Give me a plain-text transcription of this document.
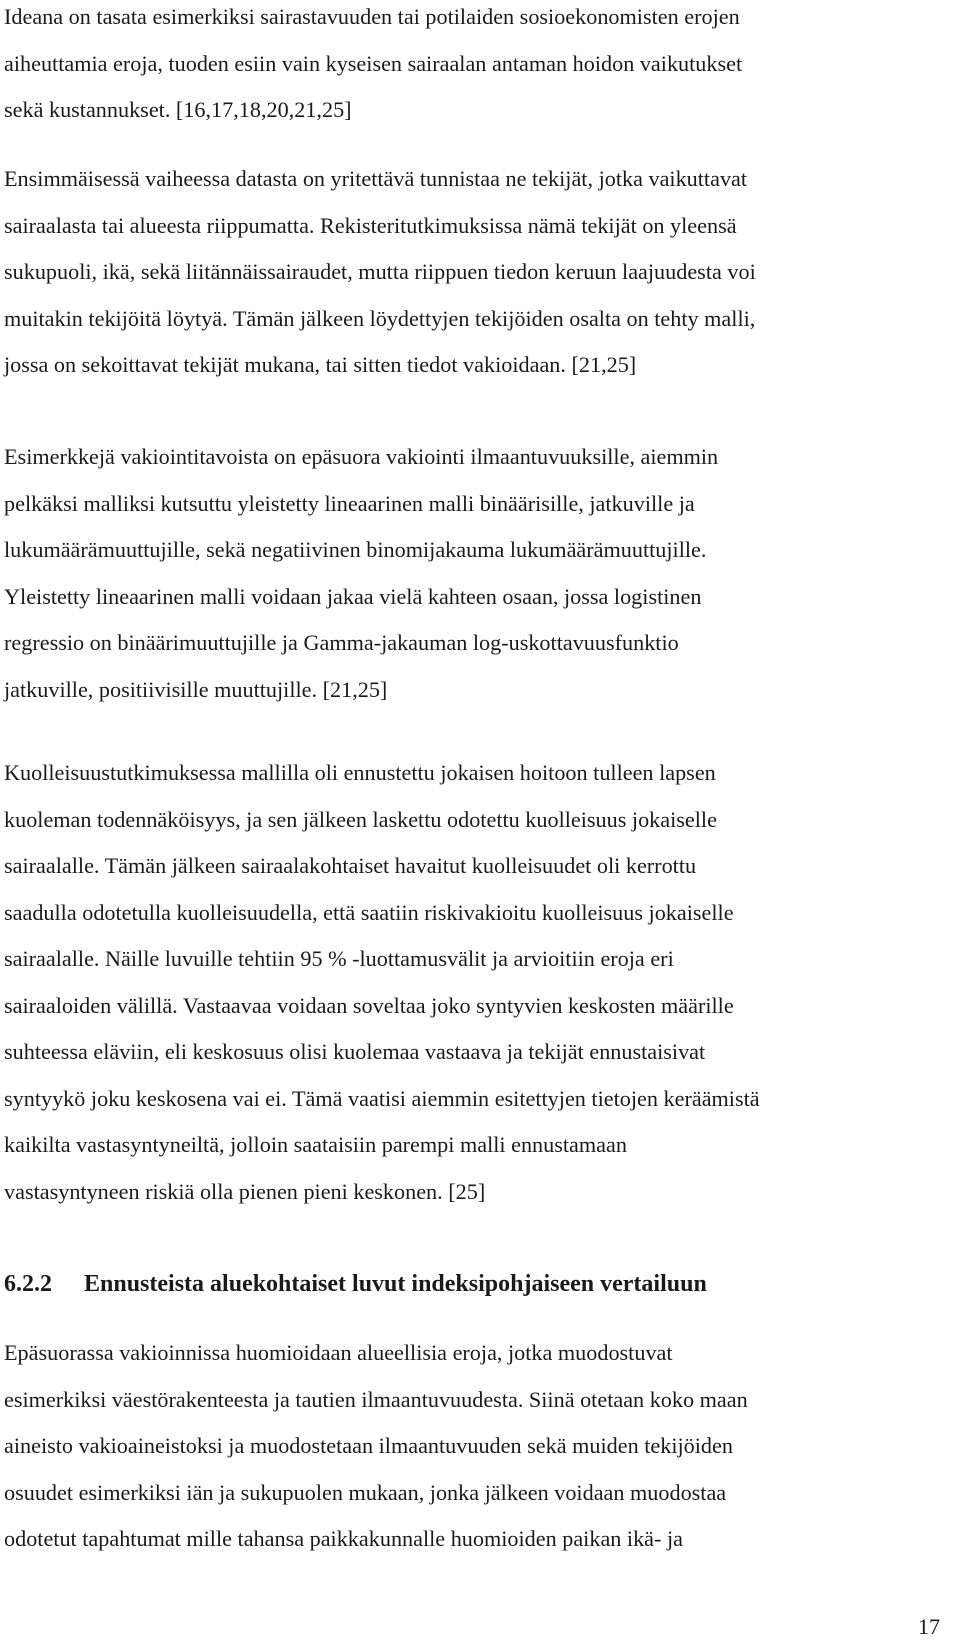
Ideana on tasata esimerkiksi sairastavuuden tai potilaiden sosioekonomisten erojen
aiheuttamia eroja, tuoden esiin vain kyseisen sairaalan antaman hoidon vaikutukset
sekä kustannukset. [16,17,18,20,21,25]
Ensimmäisessä vaiheessa datasta on yritettävä tunnistaa ne tekijät, jotka vaikuttavat
sairaalasta tai alueesta riippumatta. Rekisteritutkimuksissa nämä tekijät on yleensä
sukupuoli, ikä, sekä liitännäissairaudet, mutta riippuen tiedon keruun laajuudesta voi
muitakin tekijöitä löytyä. Tämän jälkeen löydettyjen tekijöiden osalta on tehty malli,
jossa on sekoittavat tekijät mukana, tai sitten tiedot vakioidaan. [21,25]
Esimerkkejä vakiointitavoista on epäsuora vakiointi ilmaantuvuuksille, aiemmin
pelkäksi malliksi kutsuttu yleistetty lineaarinen malli binäärisille, jatkuville ja
lukumäärämuuttujille, sekä negatiivinen binomijakauma lukumäärämuuttujille.
Yleistetty lineaarinen malli voidaan jakaa vielä kahteen osaan, jossa logistinen
regressio on binäärimuuttujille ja Gamma-jakauman log-uskottavuusfunktio
jatkuville, positiivisille muuttujille. [21,25]
Kuolleisuustutkimuksessa mallilla oli ennustettu jokaisen hoitoon tulleen lapsen
kuoleman todennäköisyys, ja sen jälkeen laskettu odotettu kuolleisuus jokaiselle
sairaalalle. Tämän jälkeen sairaalakohtaiset havaitut kuolleisuudet oli kerrottu
saadulla odotetulla kuolleisuudella, että saatiin riskivakioitu kuolleisuus jokaiselle
sairaalalle. Näille luvuille tehtiin 95 % -luottamusvälit ja arvioitiin eroja eri
sairaaloiden välillä. Vastaavaa voidaan soveltaa joko syntyvien keskosten määrille
suhteessa eläviin, eli keskosuus olisi kuolemaa vastaava ja tekijät ennustaisivat
syntyykö joku keskosena vai ei. Tämä vaatisi aiemmin esitettyjen tietojen keräämistä
kaikilta vastasyntyneiltä, jolloin saataisiin parempi malli ennustamaan
vastasyntyneen riskiä olla pienen pieni keskonen. [25]
6.2.2 Ennusteista aluekohtaiset luvut indeksipohjaiseen vertailuun
Epäsuorassa vakioinnissa huomioidaan alueellisia eroja, jotka muodostuvat
esimerkiksi väestörakenteesta ja tautien ilmaantuvuudesta. Siinä otetaan koko maan
aineisto vakioaineistoksi ja muodostetaan ilmaantuvuuden sekä muiden tekijöiden
osuudet esimerkiksi iän ja sukupuolen mukaan, jonka jälkeen voidaan muodostaa
odotetut tapahtumat mille tahansa paikkakunnalle huomioiden paikan ikä- ja
17
